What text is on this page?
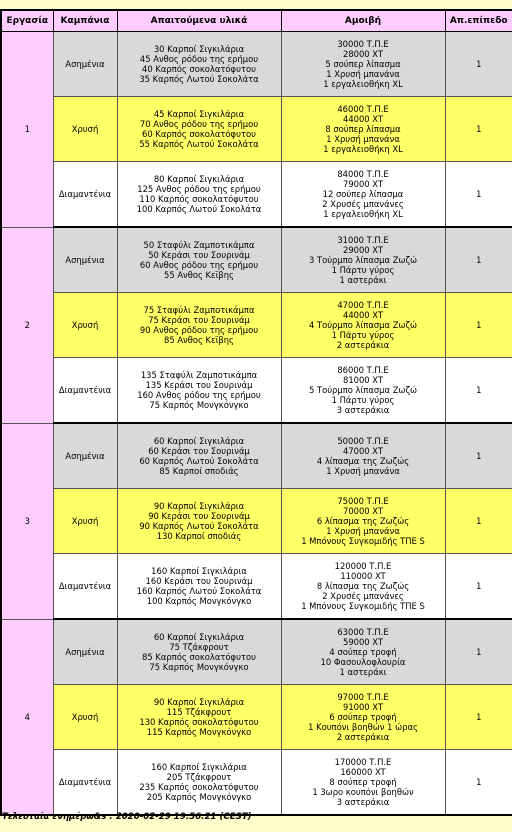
Εργασία	Καμπάνια	Απαιτούμενα υλικά	Αμοιβή	Απ.επίπεδο
1	Ασημένια	30 Καρποί Σιγκιλάρια
45 Ανθος ρόδου της ερήμου
40 Καρπός σοκολατόφυτου
35 Καρπός Λωτού Σοκολάτα	30000 Τ.Π.Ε
28000 XT
5 σούπερ λίπασμα
1 Χρυσή μπανάνα
1 εργαλειοθήκη XL	1
	Χρυσή	45 Καρποί Σιγκιλάρια
70 Ανθος ρόδου της ερήμου
60 Καρπός σοκολατόφυτου
55 Καρπός Λωτού Σοκολάτα	46000 Τ.Π.Ε
44000 XT
8 σούπερ λίπασμα
1 Χρυσή μπανάνα
1 εργαλειοθήκη XL	1
	Διαμαντένια	80 Καρποί Σιγκιλάρια
125 Ανθος ρόδου της ερήμου
110 Καρπός σοκολατόφυτου
100 Καρπός Λωτού Σοκολάτα	84000 Τ.Π.Ε
79000 XT
12 σούπερ λίπασμα
2 Χρυσές μπανάνες
1 εργαλειοθήκη XL	1
2	Ασημένια	50 Σταφύλι Ζαμποτικάμπα
50 Κεράσι του Σουρινάμ
60 Ανθος ρόδου της ερήμου
55 Ανθος Κεϊβης	31000 Τ.Π.Ε
29000 XT
3 Τούρμπο λίπασμα Ζωζώ
1 Πάρτυ γύρος
1 αστεράκι	1
	Χρυσή	75 Σταφύλι Ζαμποτικάμπα
75 Κεράσι του Σουρινάμ
90 Ανθος ρόδου της ερήμου
85 Ανθος Κεϊβης	47000 Τ.Π.Ε
44000 XT
4 Τούρμπο λίπασμα Ζωζώ
1 Πάρτυ γύρος
2 αστεράκια	1
	Διαμαντένια	135 Σταφύλι Ζαμποτικάμπα
135 Κεράσι του Σουρινάμ
160 Ανθος ρόδου της ερήμου
75 Καρπός Μονγκόνγκο	86000 Τ.Π.Ε
81000 XT
5 Τούρμπο λίπασμα Ζωζώ
1 Πάρτυ γύρος
3 αστεράκια	1
3	Ασημένια	60 Καρποί Σιγκιλάρια
60 Κεράσι του Σουρινάμ
60 Καρπός Λωτού Σοκολάτα
85 Καρποί σποδιάς	50000 Τ.Π.Ε
47000 XT
4 λίπασμα της Ζωζώς
1 Χρυσή μπανάνα	1
	Χρυσή	90 Καρποί Σιγκιλάρια
90 Κεράσι του Σουρινάμ
90 Καρπός Λωτού Σοκολάτα
130 Καρποί σποδιάς	75000 Τ.Π.Ε
70000 XT
6 λίπασμα της Ζωζώς
1 Χρυσή μπανάνα
1 Μπόνους Συγκομιδής ΤΠΕ S	1
	Διαμαντένια	160 Καρποί Σιγκιλάρια
160 Κεράσι του Σουρινάμ
160 Καρπός Λωτού Σοκολάτα
100 Καρπός Μονγκόνγκο	120000 Τ.Π.Ε
110000 XT
8 λίπασμα της Ζωζώς
2 Χρυσές μπανάνες
1 Μπόνους Συγκομιδής ΤΠΕ S	1
4	Ασημένια	60 Καρποί Σιγκιλάρια
75 Τζάκφρουτ
85 Καρπός σοκολατόφυτου
75 Καρπός Μονγκόνγκο	63000 Τ.Π.Ε
59000 XT
4 σούπερ τροφή
10 Φασουλοφλουρία
1 αστεράκι	1
	Χρυσή	90 Καρποί Σιγκιλάρια
115 Τζάκφρουτ
130 Καρπός σοκολατόφυτου
115 Καρπός Μονγκόνγκο	97000 Τ.Π.Ε
91000 XT
6 σούπερ τροφή
1 Κουπόνι βοηθών 1 ώρας
2 αστεράκια	1
	Διαμαντένια	160 Καρποί Σιγκιλάρια
205 Τζάκφρουτ
235 Καρπός σοκολατόφυτου
205 Καρπός Μονγκόνγκο	170000 Τ.Π.Ε
160000 XT
8 σούπερ τροφή
1 3ωρο κουπόνι βοηθών
3 αστεράκια	1
Τελευταία ενημέρω&s : 2020-02-29 19:56:21 (CEST)
